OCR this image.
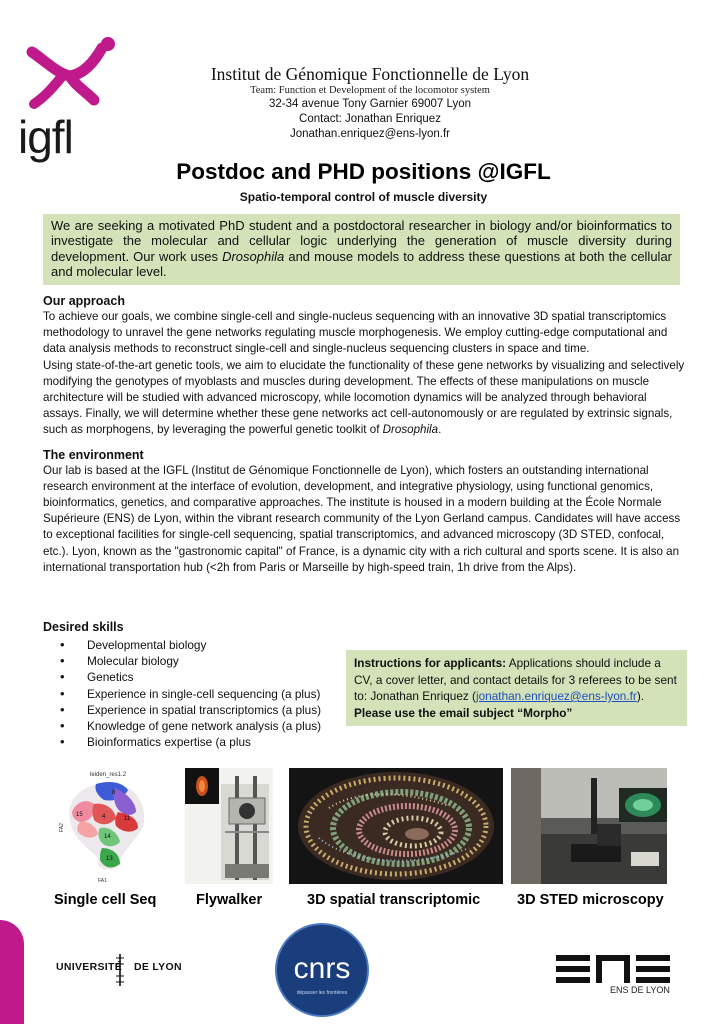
igfl
Institut de Génomique Fonctionnelle de Lyon
Team: Function et Development of the locomotor system
32-34 avenue Tony Garnier 69007 Lyon
Contact: Jonathan Enriquez
Jonathan.enriquez@ens-lyon.fr
Postdoc and PHD positions @IGFL
Spatio-temporal control of muscle diversity
We are seeking a motivated PhD student and a postdoctoral researcher in biology and/or bioinformatics to investigate the molecular and cellular logic underlying the generation of muscle diversity during development. Our work uses Drosophila and mouse models to address these questions at both the cellular and molecular level.
Our approach
To achieve our goals, we combine single-cell and single-nucleus sequencing with an innovative 3D spatial transcriptomics methodology to unravel the gene networks regulating muscle morphogenesis. We employ cutting-edge computational and data analysis methods to reconstruct single-cell and single-nucleus sequencing clusters in space and time.
Using state-of-the-art genetic tools, we aim to elucidate the functionality of these gene networks by visualizing and selectively modifying the genotypes of myoblasts and muscles during development. The effects of these manipulations on muscle architecture will be studied with advanced microscopy, while locomotion dynamics will be analyzed through behavioral assays. Finally, we will determine whether these gene networks act cell-autonomously or are regulated by extrinsic signals, such as morphogens, by leveraging the powerful genetic toolkit of Drosophila.
The environment
Our lab is based at the IGFL (Institut de Génomique Fonctionnelle de Lyon), which fosters an outstanding international research environment at the interface of evolution, development, and integrative physiology, using functional genomics, bioinformatics, genetics, and comparative approaches. The institute is housed in a modern building at the École Normale Supérieure (ENS) de Lyon, within the vibrant research community of the Lyon Gerland campus. Candidates will have access to exceptional facilities for single-cell sequencing, spatial transcriptomics, and advanced microscopy (3D STED, confocal, etc.). Lyon, known as the "gastronomic capital" of France, is a dynamic city with a rich cultural and sports scene. It is also an international transportation hub (<2h from Paris or Marseille by high-speed train, 1h drive from the Alps).
Desired skills
• Developmental biology
• Molecular biology
• Genetics
• Experience in single-cell sequencing (a plus)
• Experience in spatial transcriptomics (a plus)
• Knowledge of gene network analysis (a plus)
• Bioinformatics expertise (a plus
Instructions for applicants: Applications should include a CV, a cover letter, and contact details for 3 referees to be sent to: Jonathan Enriquez (jonathan.enriquez@ens-lyon.fr). Please use the email subject “Morpho”
leiden_res1.2
FA1
FA2
8
15	4	11
14
13
Single cell Seq	Flywalker	3D spatial transcriptomic	3D STED microscopy
UNIVERSITÉ DE LYON	cnrs
dépasser les frontières	ENS DE LYON
